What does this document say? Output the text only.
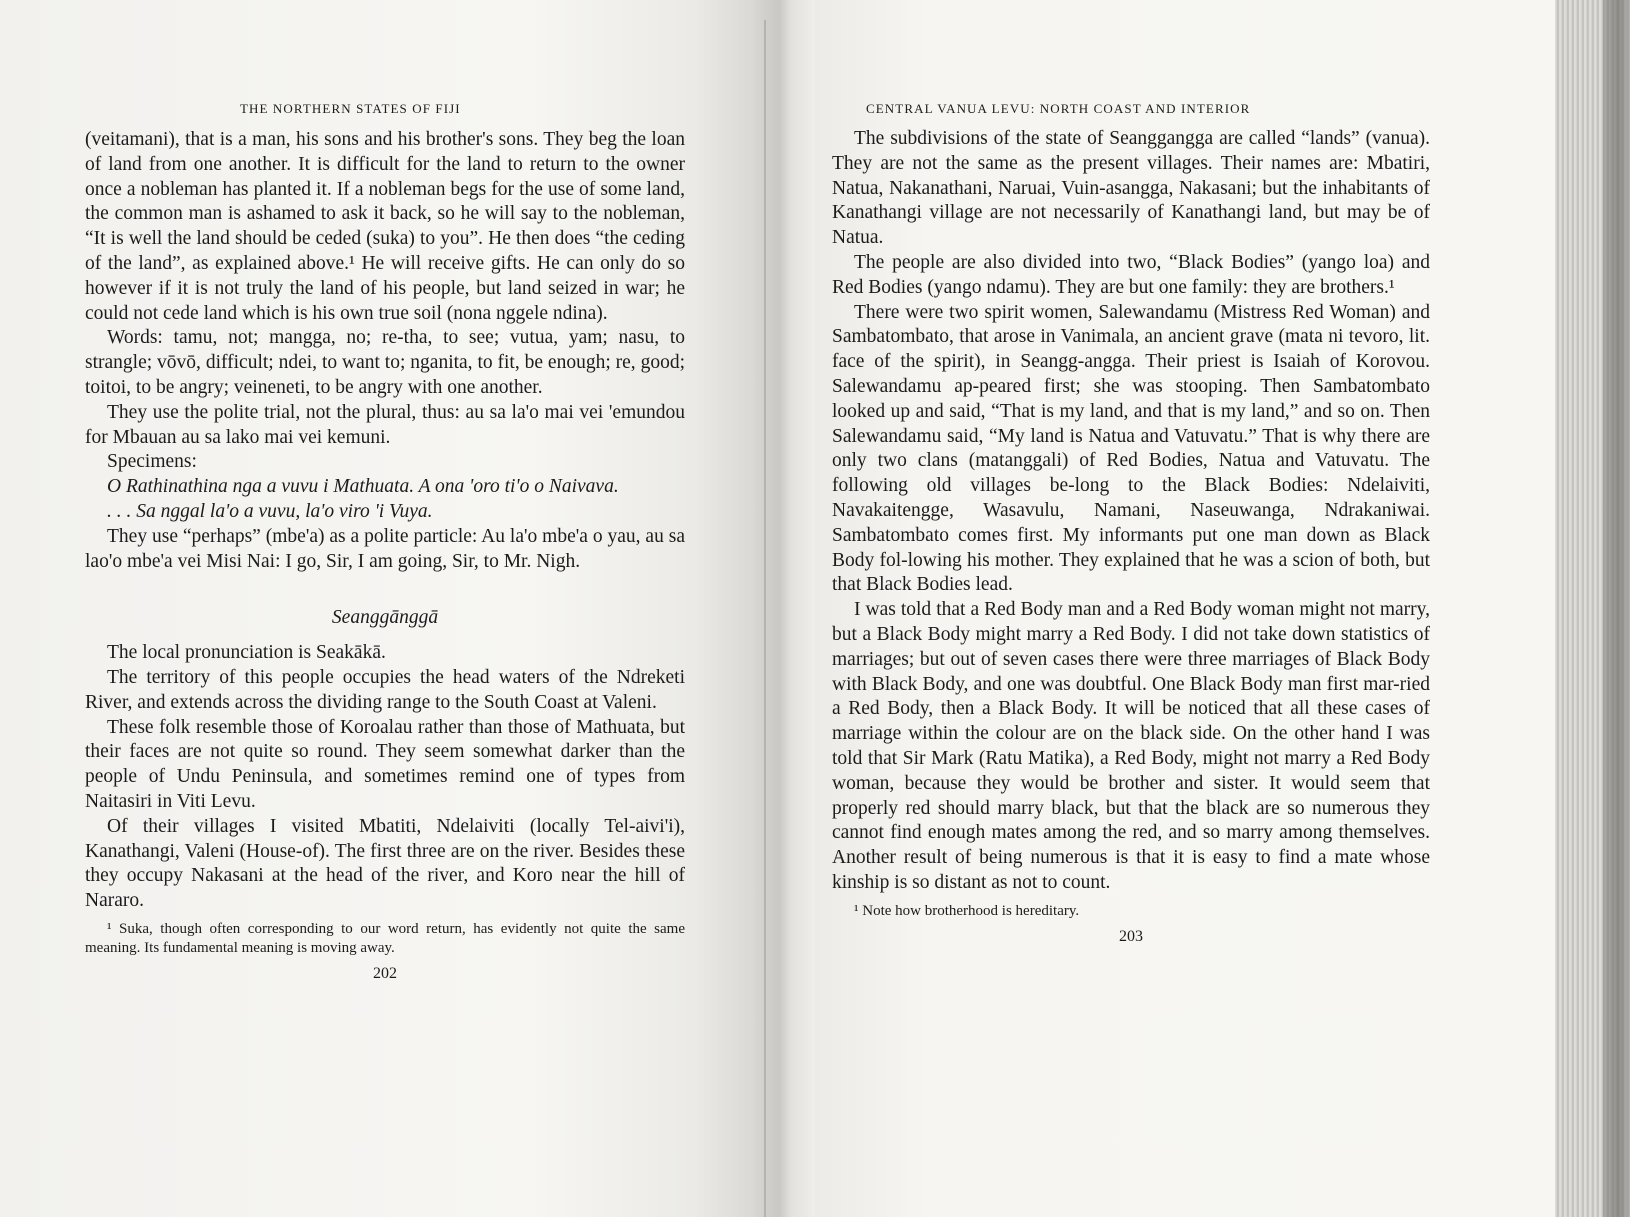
THE NORTHERN STATES OF FIJI

(veitamani), that is a man, his sons and his brother's sons. They beg the loan of land from one another. It is difficult for the land to return to the owner once a nobleman has planted it. If a nobleman begs for the use of some land, the common man is ashamed to ask it back, so he will say to the nobleman, “It is well the land should be ceded (suka) to you”. He then does “the ceding of the land”, as explained above.¹ He will receive gifts. He can only do so however if it is not truly the land of his people, but land seized in war; he could not cede land which is his own true soil (nona nggele ndina).

Words: tamu, not; mangga, no; re-tha, to see; vutua, yam; nasu, to strangle; vōvō, difficult; ndei, to want to; nganita, to fit, be enough; re, good; toitoi, to be angry; veineneti, to be angry with one another.

They use the polite trial, not the plural, thus: au sa la'o mai vei 'emundou for Mbauan au sa lako mai vei kemuni.

Specimens:

O Rathinathina nga a vuvu i Mathuata. A ona 'oro ti'o o Naivava.

. . . Sa nggal la'o a vuvu, la'o viro 'i Vuya.

They use “perhaps” (mbe'a) as a polite particle: Au la'o mbe'a o yau, au sa lao'o mbe'a vei Misi Nai: I go, Sir, I am going, Sir, to Mr. Nigh.

Seanggānggā

The local pronunciation is Seakākā.

The territory of this people occupies the head waters of the Ndreketi River, and extends across the dividing range to the South Coast at Valeni.

These folk resemble those of Koroalau rather than those of Mathuata, but their faces are not quite so round. They seem somewhat darker than the people of Undu Peninsula, and sometimes remind one of types from Naitasiri in Viti Levu.

Of their villages I visited Mbatiti, Ndelaiviti (locally Tel-aivi'i), Kanathangi, Valeni (House-of). The first three are on the river. Besides these they occupy Nakasani at the head of the river, and Koro near the hill of Nararo.

¹ Suka, though often corresponding to our word return, has evidently not quite the same meaning. Its fundamental meaning is moving away.

202
CENTRAL VANUA LEVU: NORTH COAST AND INTERIOR

The subdivisions of the state of Seanggangga are called “lands” (vanua). They are not the same as the present villages. Their names are: Mbatiri, Natua, Nakanathani, Naruai, Vuin-asangga, Nakasani; but the inhabitants of Kanathangi village are not necessarily of Kanathangi land, but may be of Natua.

The people are also divided into two, “Black Bodies” (yango loa) and Red Bodies (yango ndamu). They are but one family: they are brothers.¹

There were two spirit women, Salewandamu (Mistress Red Woman) and Sambatombato, that arose in Vanimala, an ancient grave (mata ni tevoro, lit. face of the spirit), in Seangg-angga. Their priest is Isaiah of Korovou. Salewandamu ap-peared first; she was stooping. Then Sambatombato looked up and said, “That is my land, and that is my land,” and so on. Then Salewandamu said, “My land is Natua and Vatuvatu.” That is why there are only two clans (matanggali) of Red Bodies, Natua and Vatuvatu. The following old villages be-long to the Black Bodies: Ndelaiviti, Navakaitengge, Wasavulu, Namani, Naseuwanga, Ndrakaniwai. Sambatombato comes first. My informants put one man down as Black Body fol-lowing his mother. They explained that he was a scion of both, but that Black Bodies lead.

I was told that a Red Body man and a Red Body woman might not marry, but a Black Body might marry a Red Body. I did not take down statistics of marriages; but out of seven cases there were three marriages of Black Body with Black Body, and one was doubtful. One Black Body man first mar-ried a Red Body, then a Black Body. It will be noticed that all these cases of marriage within the colour are on the black side. On the other hand I was told that Sir Mark (Ratu Matika), a Red Body, might not marry a Red Body woman, because they would be brother and sister. It would seem that properly red should marry black, but that the black are so numerous they cannot find enough mates among the red, and so marry among themselves. Another result of being numerous is that it is easy to find a mate whose kinship is so distant as not to count.

¹ Note how brotherhood is hereditary.

203
